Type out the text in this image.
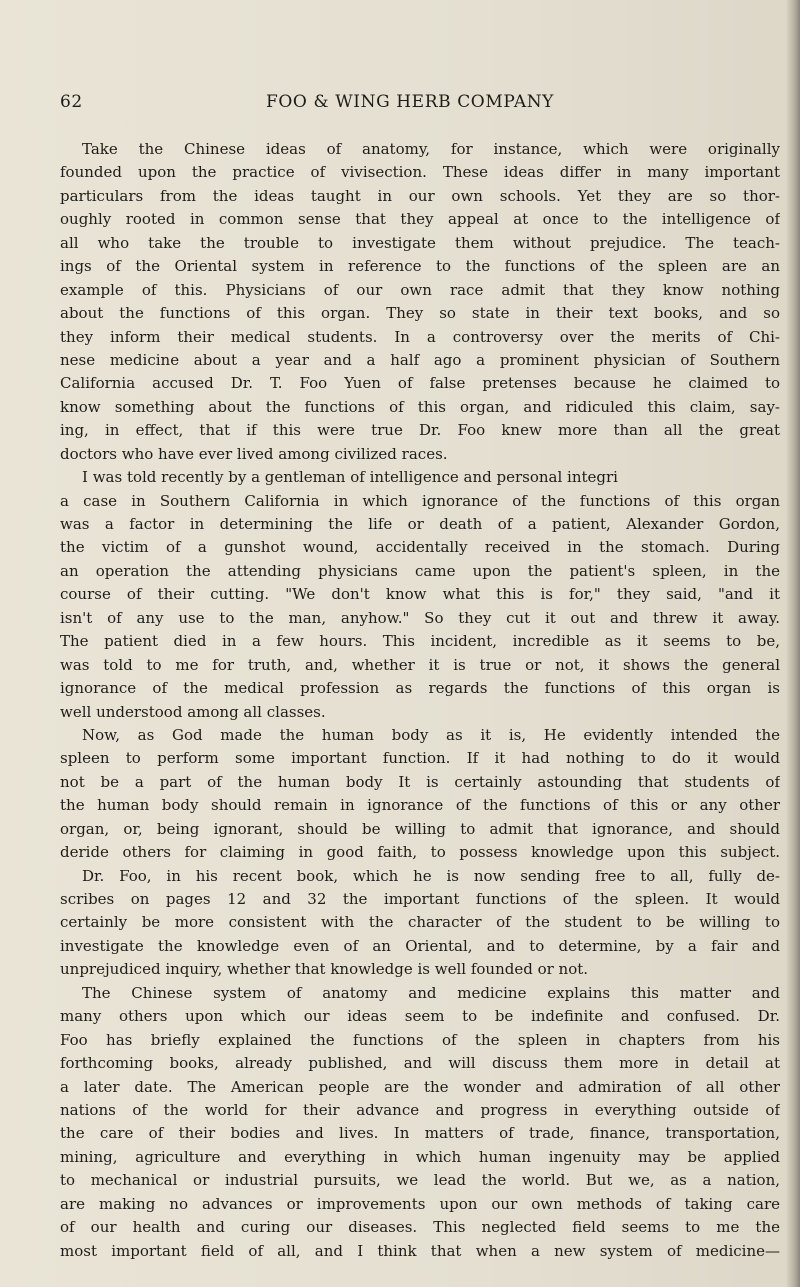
62	FOO & WING HERB COMPANY
Take the Chinese ideas of anatomy, for instance, which were originally
founded upon the practice of vivisection. These ideas differ in many important
particulars from the ideas taught in our own schools. Yet they are so thor-
oughly rooted in common sense that they appeal at once to the intelligence of
all who take the trouble to investigate them without prejudice. The teach-
ings of the Oriental system in reference to the functions of the spleen are an
example of this. Physicians of our own race admit that they know nothing
about the functions of this organ. They so state in their text books, and so
they inform their medical students. In a controversy over the merits of Chi-
nese medicine about a year and a half ago a prominent physician of Southern
California accused Dr. T. Foo Yuen of false pretenses because he claimed to
know something about the functions of this organ, and ridiculed this claim, say-
ing, in effect, that if this were true Dr. Foo knew more than all the great
doctors who have ever lived among civilized races.
I was told recently by a gentleman of intelligence and personal integri
a case in Southern California in which ignorance of the functions of this organ
was a factor in determining the life or death of a patient, Alexander Gordon,
the victim of a gunshot wound, accidentally received in the stomach. During
an operation the attending physicians came upon the patient's spleen, in the
course of their cutting. "We don't know what this is for," they said, "and it
isn't of any use to the man, anyhow." So they cut it out and threw it away.
The patient died in a few hours. This incident, incredible as it seems to be,
was told to me for truth, and, whether it is true or not, it shows the general
ignorance of the medical profession as regards the functions of this organ is
well understood among all classes.
Now, as God made the human body as it is, He evidently intended the
spleen to perform some important function. If it had nothing to do it would
not be a part of the human body It is certainly astounding that students of
the human body should remain in ignorance of the functions of this or any other
organ, or, being ignorant, should be willing to admit that ignorance, and should
deride others for claiming in good faith, to possess knowledge upon this subject.
Dr. Foo, in his recent book, which he is now sending free to all, fully de-
scribes on pages 12 and 32 the important functions of the spleen. It would
certainly be more consistent with the character of the student to be willing to
investigate the knowledge even of an Oriental, and to determine, by a fair and
unprejudiced inquiry, whether that knowledge is well founded or not.
The Chinese system of anatomy and medicine explains this matter and
many others upon which our ideas seem to be indefinite and confused. Dr.
Foo has briefly explained the functions of the spleen in chapters from his
forthcoming books, already published, and will discuss them more in detail at
a later date. The American people are the wonder and admiration of all other
nations of the world for their advance and progress in everything outside of
the care of their bodies and lives. In matters of trade, finance, transportation,
mining, agriculture and everything in which human ingenuity may be applied
to mechanical or industrial pursuits, we lead the world. But we, as a nation,
are making no advances or improvements upon our own methods of taking care
of our health and curing our diseases. This neglected field seems to me the
most important field of all, and I think that when a new system of medicine—
